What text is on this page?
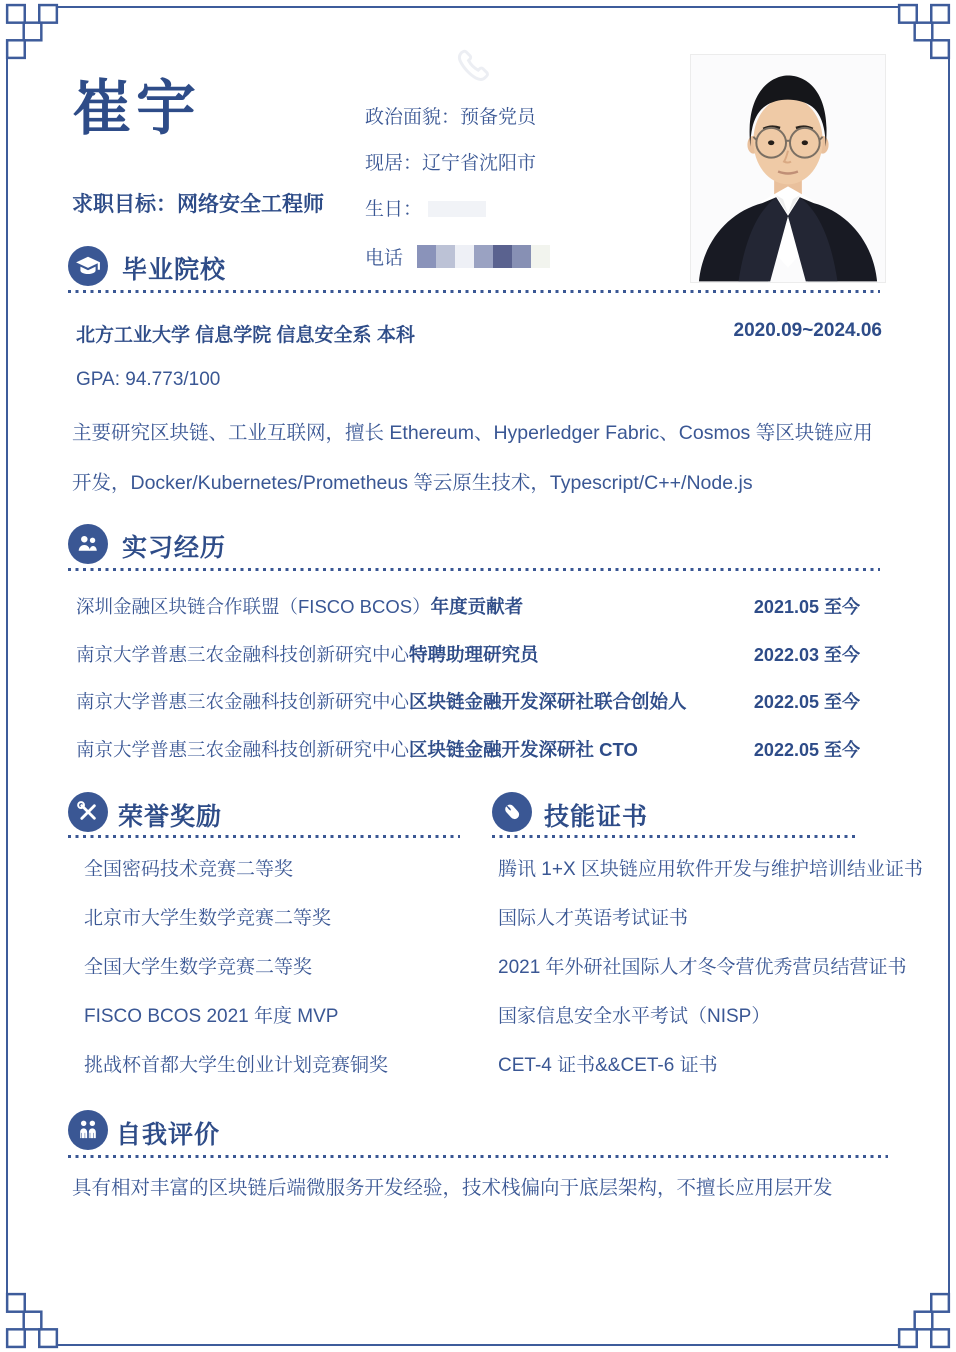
崔宇
求职目标：网络安全工程师
政治面貌：预备党员
现居：辽宁省沈阳市
生日：
电话
毕业院校
北方工业大学 信息学院 信息安全系 本科	2020.09~2024.06
GPA: 94.773/100
主要研究区块链、工业互联网，擅长 Ethereum、Hyperledger Fabric、Cosmos 等区块链应用开发，Docker/Kubernetes/Prometheus 等云原生技术，Typescript/C++/Node.js
实习经历
深圳金融区块链合作联盟（FISCO BCOS）年度贡献者	2021.05 至今
南京大学普惠三农金融科技创新研究中心特聘助理研究员	2022.03 至今
南京大学普惠三农金融科技创新研究中心区块链金融开发深研社联合创始人	2022.05 至今
南京大学普惠三农金融科技创新研究中心区块链金融开发深研社 CTO	2022.05 至今
荣誉奖励
全国密码技术竞赛二等奖
北京市大学生数学竞赛二等奖
全国大学生数学竞赛二等奖
FISCO BCOS 2021 年度 MVP
挑战杯首都大学生创业计划竞赛铜奖
技能证书
腾讯 1+X 区块链应用软件开发与维护培训结业证书
国际人才英语考试证书
2021 年外研社国际人才冬令营优秀营员结营证书
国家信息安全水平考试（NISP）
CET-4 证书&&CET-6 证书
自我评价
具有相对丰富的区块链后端微服务开发经验，技术栈偏向于底层架构，不擅长应用层开发
